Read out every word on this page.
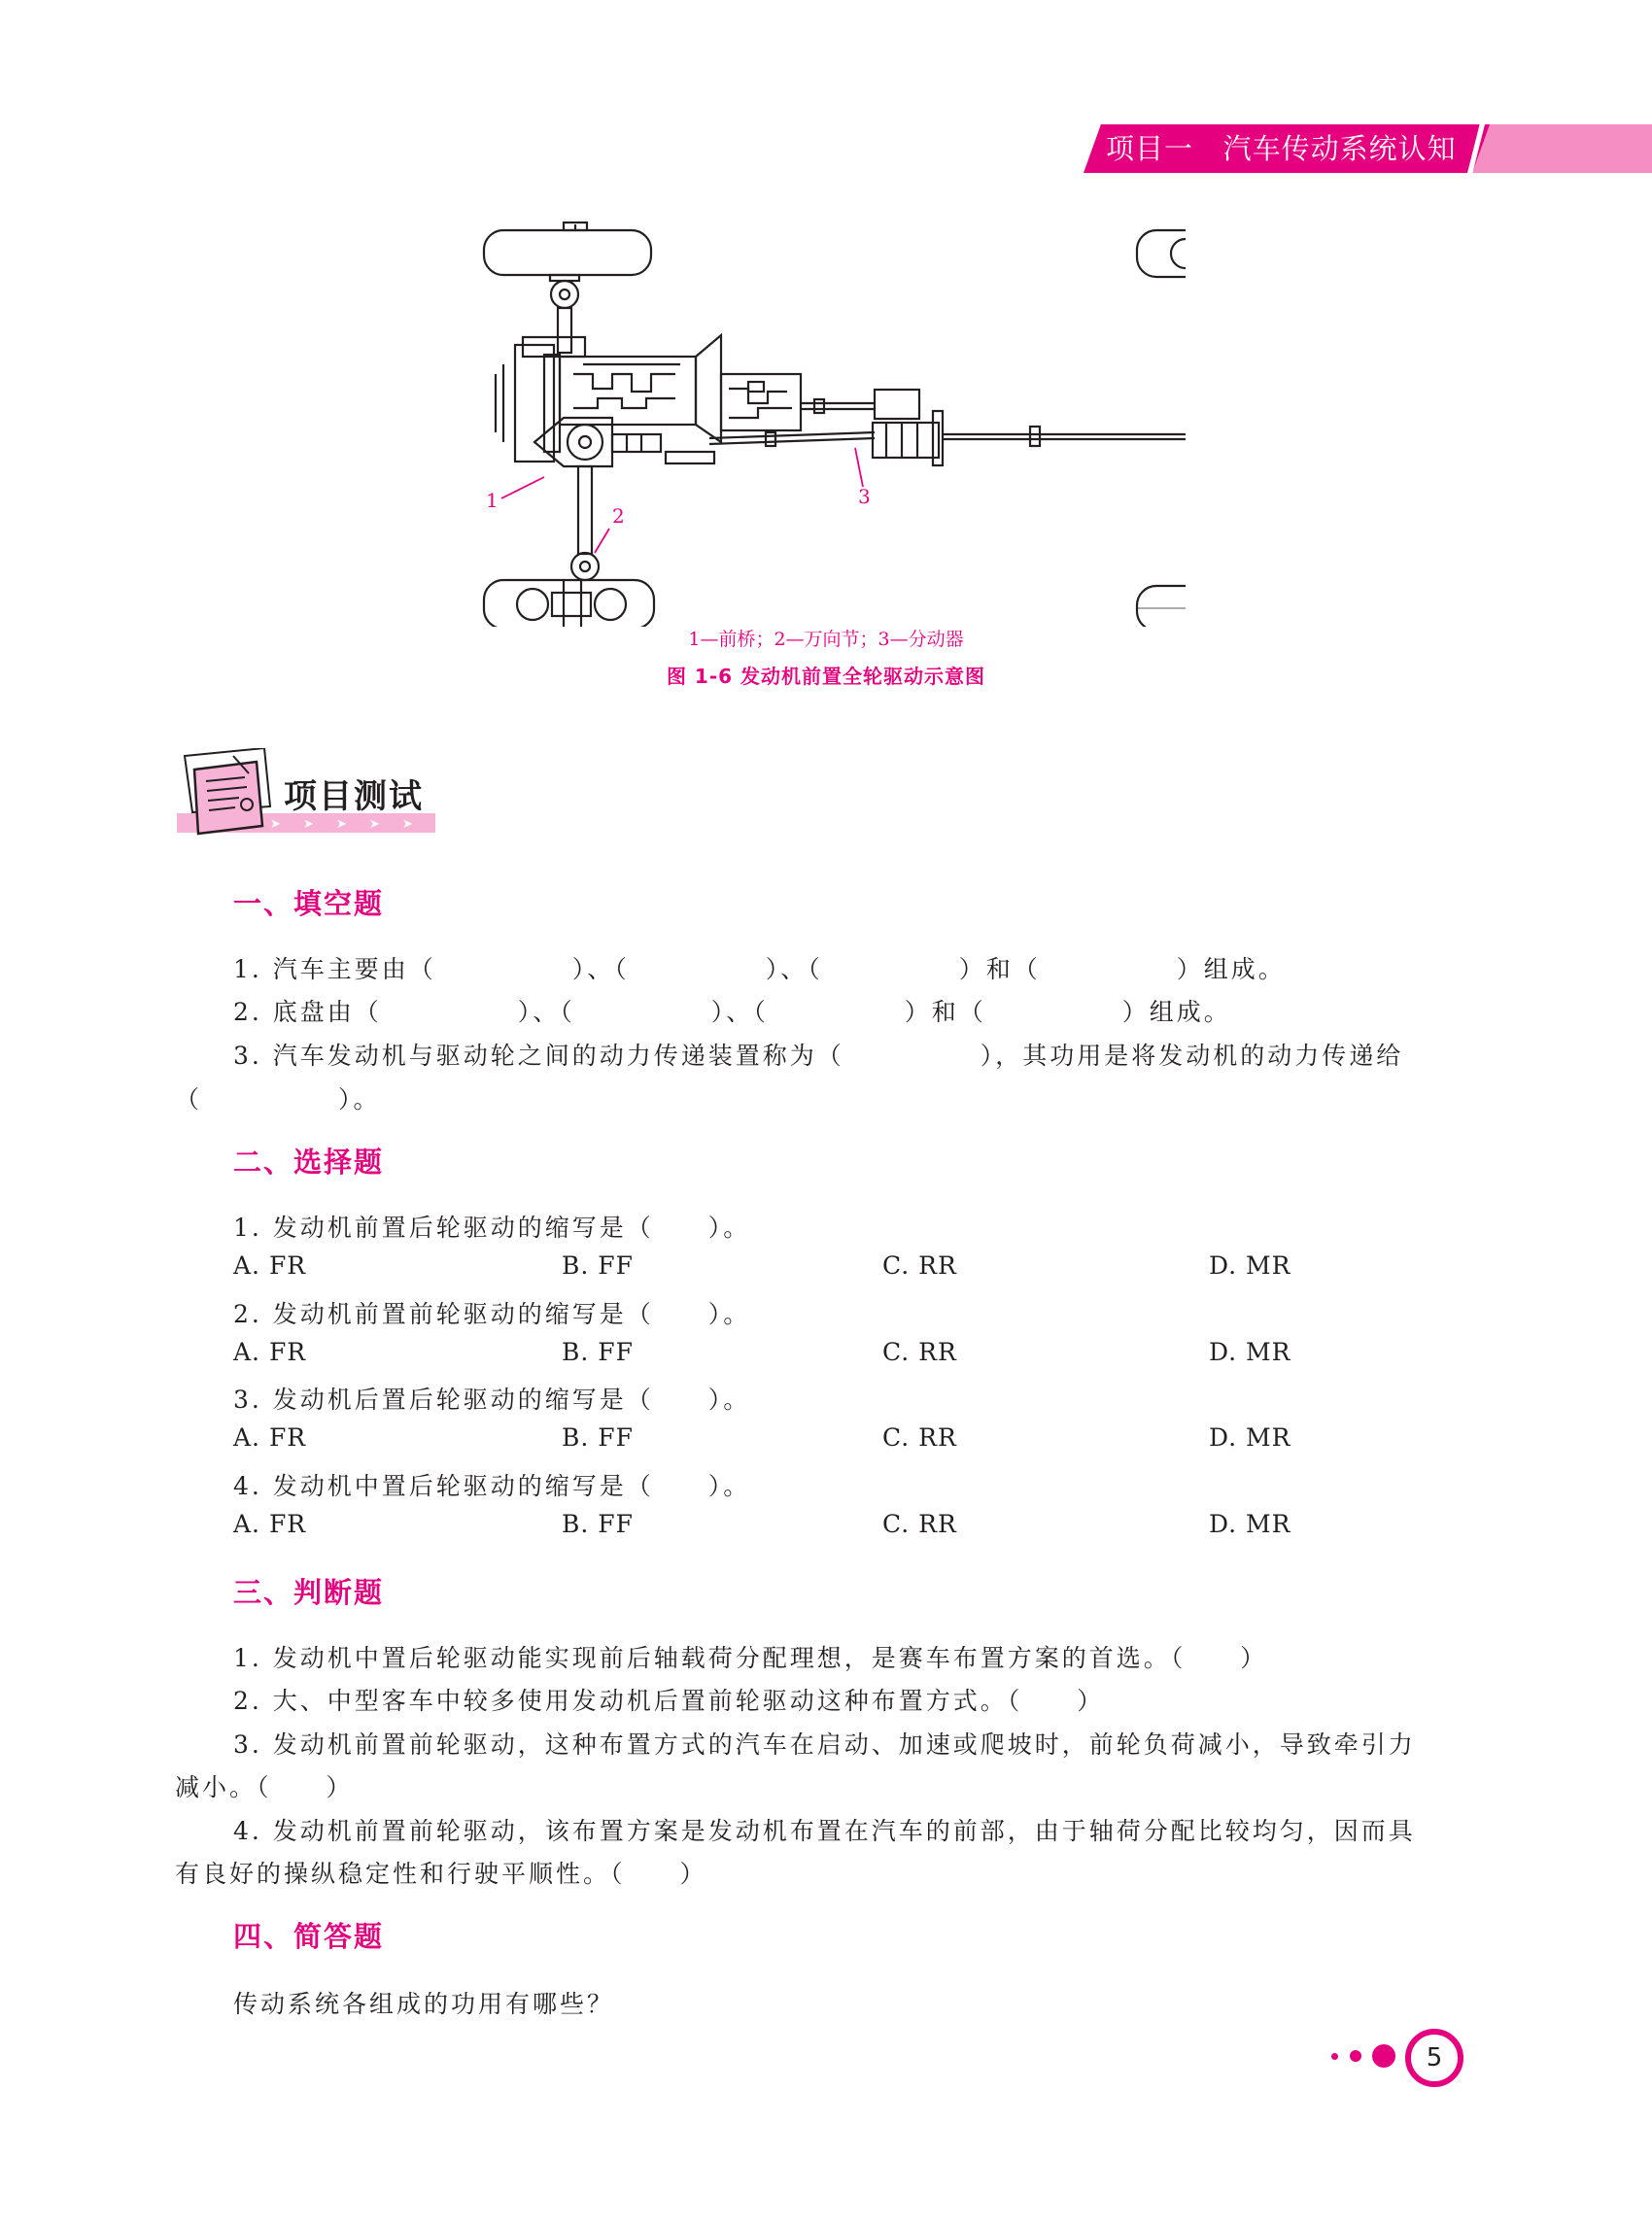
项目一   汽车传动系统认知
1
2
3
1—前桥；2—万向节；3—分动器
图 1-6 发动机前置全轮驱动示意图
➤ ➤ ➤ ➤ ➤
项目测试
一、填空题
1. 汽车主要由（　　　　　）、（　　　　　）、（　　　　　）和（　　　　　）组成。
2. 底盘由（　　　　　）、（　　　　　）、（　　　　　）和（　　　　　）组成。
3. 汽车发动机与驱动轮之间的动力传递装置称为（　　　　　），其功用是将发动机的动力传递给
（　　　　　）。
二、选择题
1. 发动机前置后轮驱动的缩写是（　　）。
A. FR	B. FF	C. RR	D. MR
2. 发动机前置前轮驱动的缩写是（　　）。
A. FR	B. FF	C. RR	D. MR
3. 发动机后置后轮驱动的缩写是（　　）。
A. FR	B. FF	C. RR	D. MR
4. 发动机中置后轮驱动的缩写是（　　）。
A. FR	B. FF	C. RR	D. MR
三、判断题
1. 发动机中置后轮驱动能实现前后轴载荷分配理想，是赛车布置方案的首选。（　　）
2. 大、中型客车中较多使用发动机后置前轮驱动这种布置方式。（　　）
3. 发动机前置前轮驱动，这种布置方式的汽车在启动、加速或爬坡时，前轮负荷减小，导致牵引力
减小。（　　）
4. 发动机前置前轮驱动，该布置方案是发动机布置在汽车的前部，由于轴荷分配比较均匀，因而具
有良好的操纵稳定性和行驶平顺性。（　　）
四、简答题
传动系统各组成的功用有哪些？
5
